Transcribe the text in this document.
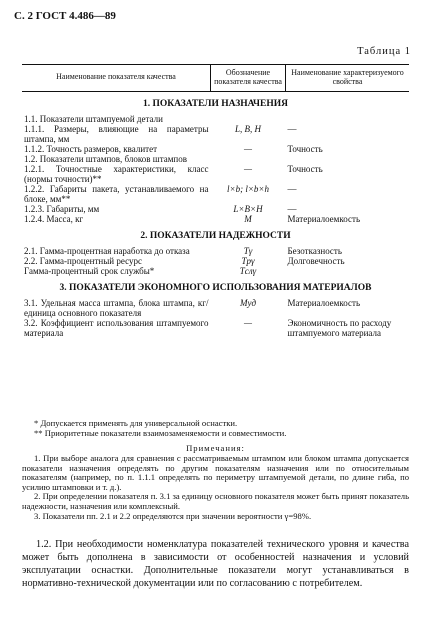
С. 2 ГОСТ 4.486—89
Таблица 1
Наименование показателя качества	Обозначение показателя качества	Наименование характеризуемого свойства
1. ПОКАЗАТЕЛИ НАЗНАЧЕНИЯ		
1.1. Показатели штампуемой детали		
1.1.1. Размеры, влияющие на параметры штампа, мм	L, B, H	—
1.1.2. Точность размеров, квалитет	—	Точность
1.2. Показатели штампов, блоков штампов		
1.2.1. Точностные характеристики, класс (нормы точности)**	—	Точность
1.2.2. Габариты пакета, устанавливаемого на блоке, мм**	l×b; l×b×h	—
1.2.3. Габариты, мм	L×B×H	—
1.2.4. Масса, кг	M	Материалоемкость
2. ПОКАЗАТЕЛИ НАДЕЖНОСТИ		
2.1. Гамма-процентная наработка до отказа	Tγ	Безотказность
2.2. Гамма-процентный ресурс	Tрγ	Долговечность
Гамма-процентный срок службы*	Tслγ	
3. ПОКАЗАТЕЛИ ЭКОНОМНОГО ИСПОЛЬЗОВАНИЯ МАТЕРИАЛОВ		
3.1. Удельная масса штампа, блока штампа, кг/единица основного показателя	Mуд	Материалоемкость
3.2. Коэффициент использования штампуемого материала	—	Экономичность по расходу штампуемого материала
* Допускается применять для универсальной оснастки.
** Приоритетные показатели взаимозаменяемости и совместимости.
Примечания:
1. При выборе аналога для сравнения с рассматриваемым штампом или блоком штампа допускается показатели назначения определять по другим показателям назначения или по относительным показателям (например, по п. 1.1.1 определять по периметру штампуемой детали, по длине гиба, по усилию штамповки и т. д.).
2. При определении показателя п. 3.1 за единицу основного показателя может быть принят показатель надежности, назначения или комплексный.
3. Показатели пп. 2.1 и 2.2 определяются при значении вероятности γ=98%.
1.2. При необходимости номенклатура показателей технического уровня и качества может быть дополнена в зависимости от особенностей назначения и условий эксплуатации оснастки. Дополнительные показатели могут устанавливаться в нормативно-технической документации или по согласованию с потребителем.
